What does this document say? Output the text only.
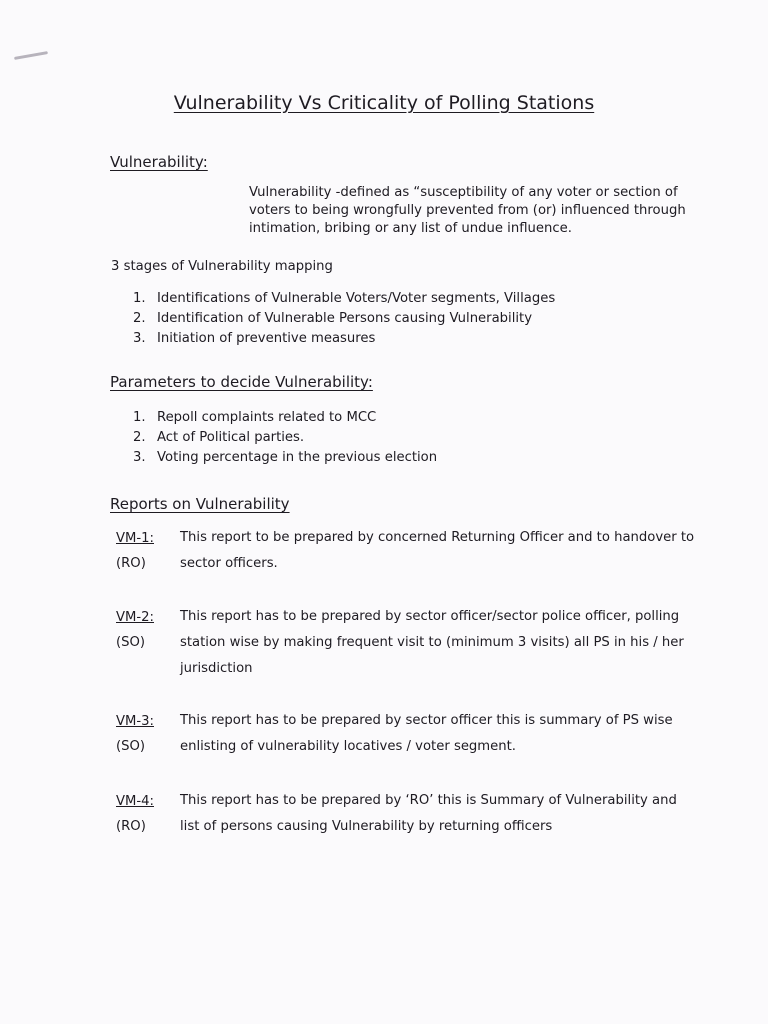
Vulnerability Vs Criticality of Polling Stations
Vulnerability:
Vulnerability -defined as “susceptibility of any voter or section of voters to being wrongfully prevented from (or) influenced through intimation, bribing or any list of undue influence.
3 stages of Vulnerability mapping
1. Identifications of Vulnerable Voters/Voter segments, Villages
2. Identification of Vulnerable Persons causing Vulnerability
3. Initiation of preventive measures
Parameters to decide Vulnerability:
1. Repoll complaints related to MCC
2. Act of Political parties.
3. Voting percentage in the previous election
Reports on Vulnerability
VM-1:
(RO)
This report to be prepared by concerned Returning Officer and to handover to sector officers.
VM-2:
(SO)
This report has to be prepared by sector officer/sector police officer, polling station wise by making frequent visit to (minimum 3 visits) all PS in his / her jurisdiction
VM-3:
(SO)
This report has to be prepared by sector officer this is summary of PS wise enlisting of vulnerability locatives / voter segment.
VM-4:
(RO)
This report has to be prepared by ‘RO’ this is Summary of Vulnerability and list of persons causing Vulnerability by returning officers
